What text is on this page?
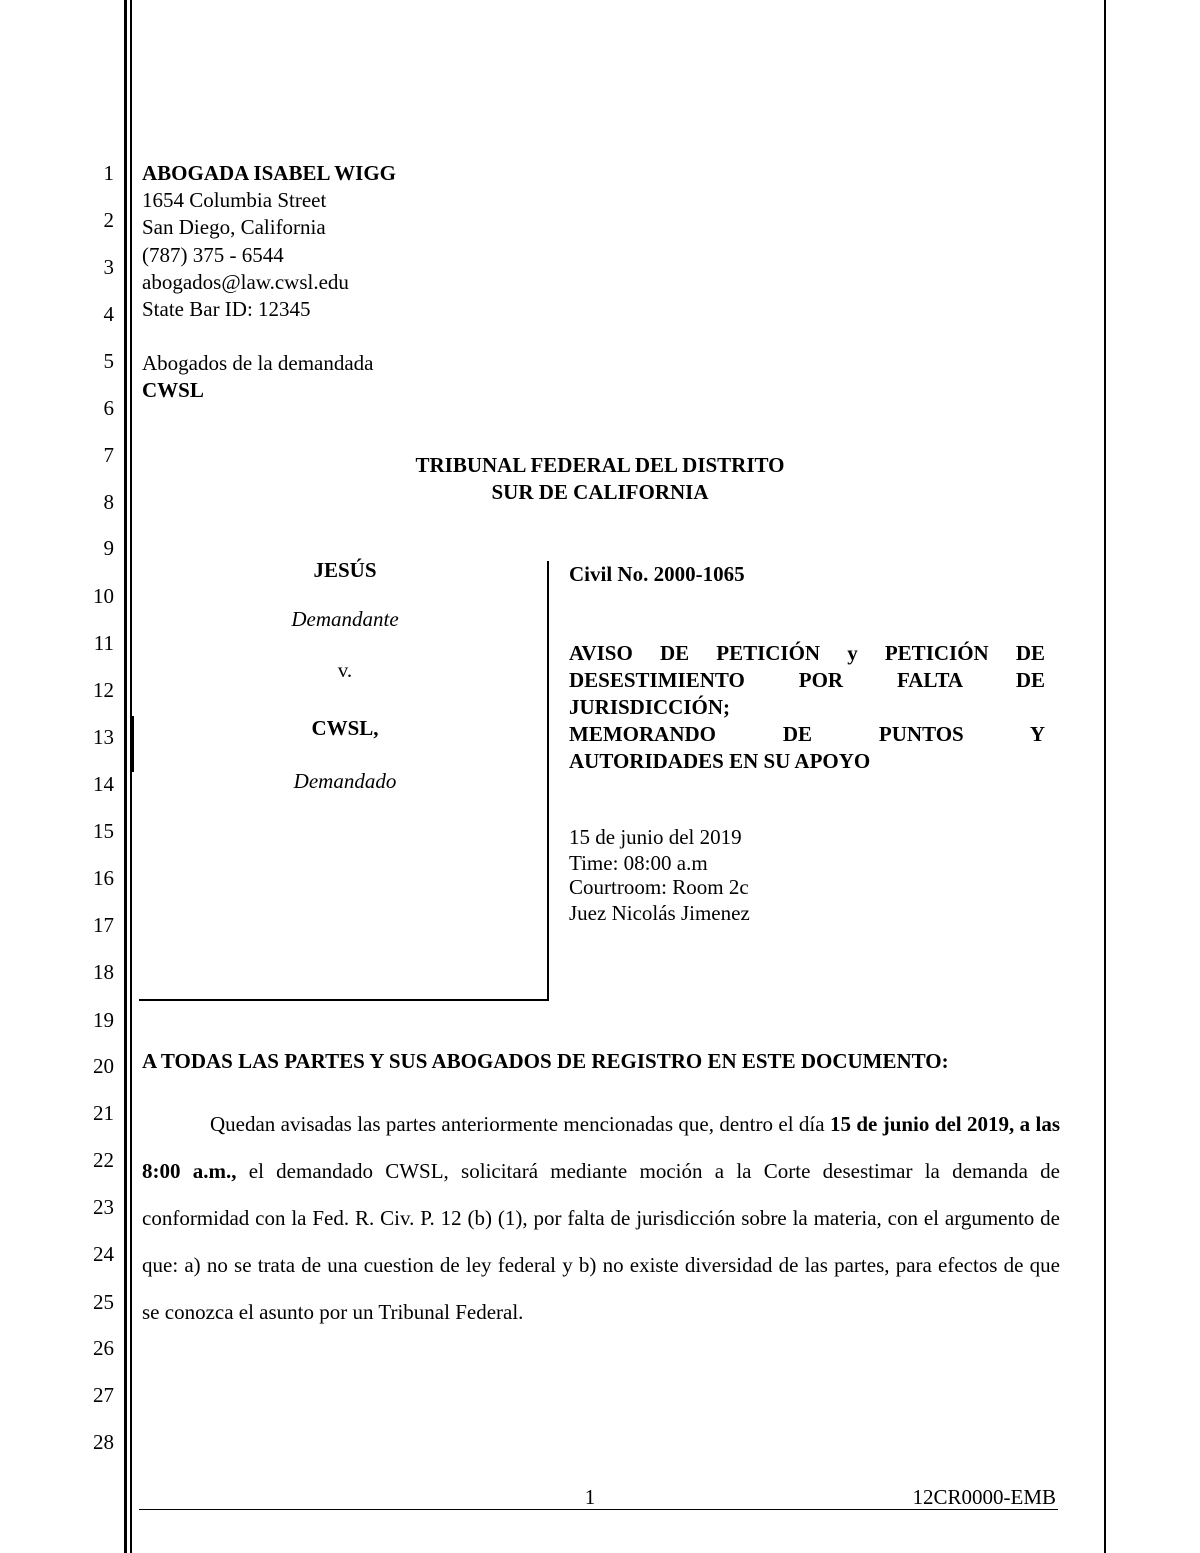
1
2
3
4
5
6
7
8
9
10
11
12
13
14
15
16
17
18
19
20
21
22
23
24
25
26
27
28
ABOGADA ISABEL WIGG
1654 Columbia Street
San Diego, California
(787) 375 - 6544
abogados@law.cwsl.edu
State Bar ID: 12345
Abogados de la demandada
CWSL
TRIBUNAL FEDERAL DEL DISTRITO
SUR DE CALIFORNIA
JESÚS
Demandante
v.
CWSL,
Demandado
Civil No. 2000-1065
AVISO DE PETICIÓN y PETICIÓN DE
DESESTIMIENTO POR FALTA DE
JURISDICCIÓN;
MEMORANDO DE PUNTOS Y
AUTORIDADES EN SU APOYO
15 de junio del 2019
Time: 08:00 a.m
Courtroom: Room 2c
Juez Nicolás Jimenez
A TODAS LAS PARTES Y SUS ABOGADOS DE REGISTRO EN ESTE DOCUMENTO:
Quedan avisadas las partes anteriormente mencionadas que, dentro el día 15 de junio del 2019, a las 8:00 a.m., el demandado CWSL, solicitará mediante moción a la Corte desestimar la demanda de conformidad con la Fed. R. Civ. P. 12 (b) (1), por falta de jurisdicción sobre la materia, con el argumento de que: a) no se trata de una cuestion de ley federal y b) no existe diversidad de las partes, para efectos de que se conozca el asunto por un Tribunal Federal.
1	12CR0000-EMB
